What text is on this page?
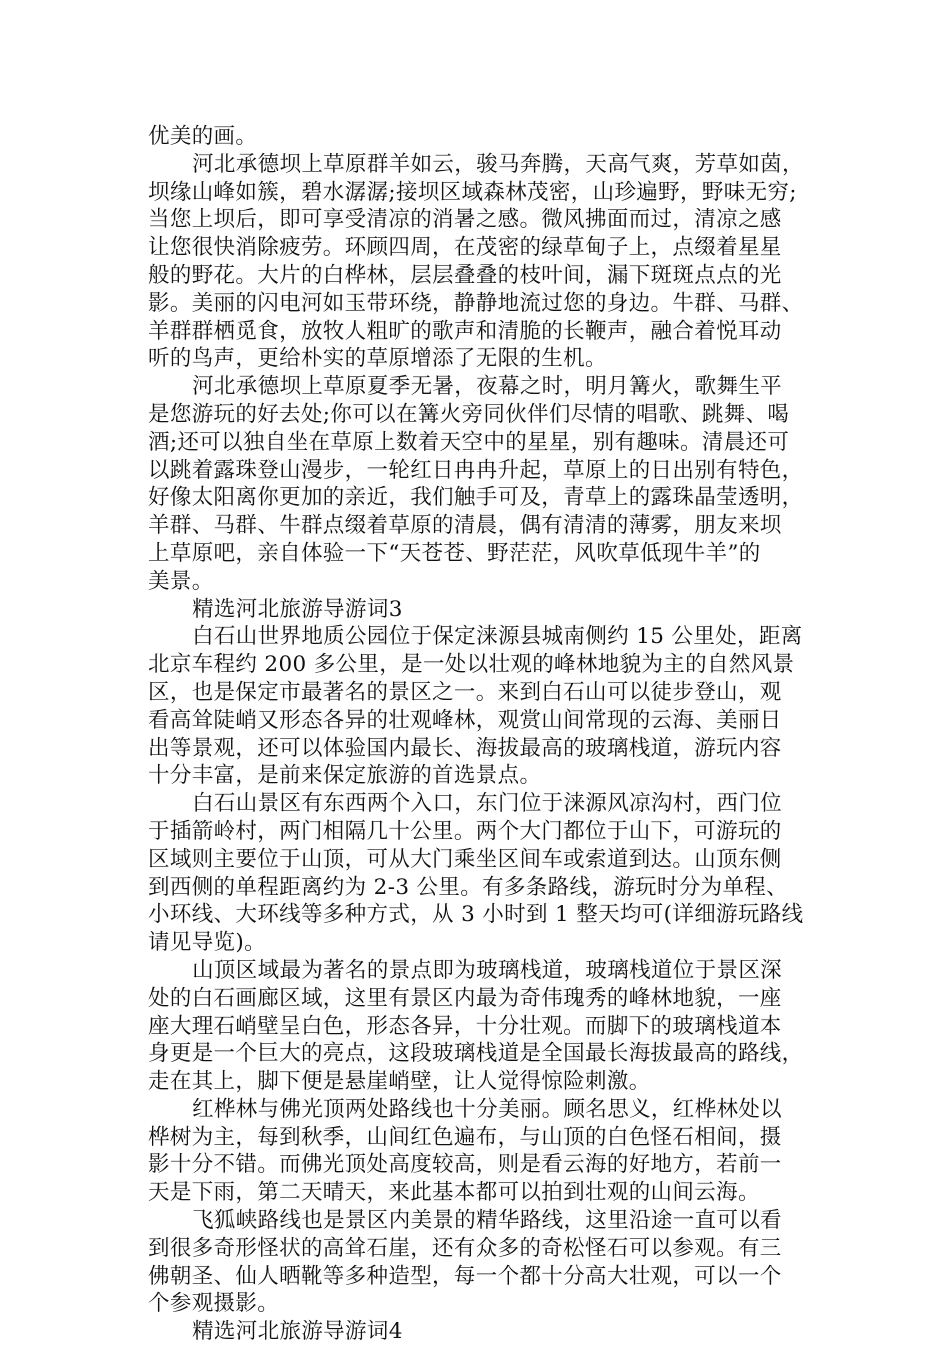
优美的画。

河北承德坝上草原群羊如云，骏马奔腾，天高气爽，芳草如茵，
坝缘山峰如簇，碧水潺潺;接坝区域森林茂密，山珍遍野，野味无穷;
当您上坝后，即可享受清凉的消暑之感。微风拂面而过，清凉之感
让您很快消除疲劳。环顾四周，在茂密的绿草甸子上，点缀着星星
般的野花。大片的白桦林，层层叠叠的枝叶间，漏下斑斑点点的光
影。美丽的闪电河如玉带环绕，静静地流过您的身边。牛群、马群、
羊群群栖觅食，放牧人粗旷的歌声和清脆的长鞭声，融合着悦耳动
听的鸟声，更给朴实的草原增添了无限的生机。

河北承德坝上草原夏季无暑，夜幕之时，明月篝火，歌舞生平
是您游玩的好去处;你可以在篝火旁同伙伴们尽情的唱歌、跳舞、喝
酒;还可以独自坐在草原上数着天空中的星星，别有趣味。清晨还可
以跳着露珠登山漫步，一轮红日冉冉升起，草原上的日出别有特色，
好像太阳离你更加的亲近，我们触手可及，青草上的露珠晶莹透明，
羊群、马群、牛群点缀着草原的清晨，偶有清清的薄雾，朋友来坝
上草原吧，亲自体验一下“天苍苍、野茫茫，风吹草低现牛羊”的
美景。

精选河北旅游导游词3

白石山世界地质公园位于保定涞源县城南侧约 15 公里处，距离
北京车程约 200 多公里，是一处以壮观的峰林地貌为主的自然风景
区，也是保定市最著名的景区之一。来到白石山可以徒步登山，观
看高耸陡峭又形态各异的壮观峰林，观赏山间常现的云海、美丽日
出等景观，还可以体验国内最长、海拔最高的玻璃栈道，游玩内容
十分丰富，是前来保定旅游的首选景点。

白石山景区有东西两个入口，东门位于涞源风凉沟村，西门位
于插箭岭村，两门相隔几十公里。两个大门都位于山下，可游玩的
区域则主要位于山顶，可从大门乘坐区间车或索道到达。山顶东侧
到西侧的单程距离约为 2-3 公里。有多条路线，游玩时分为单程、
小环线、大环线等多种方式，从 3 小时到 1 整天均可(详细游玩路线
请见导览)。

山顶区域最为著名的景点即为玻璃栈道，玻璃栈道位于景区深
处的白石画廊区域，这里有景区内最为奇伟瑰秀的峰林地貌，一座
座大理石峭壁呈白色，形态各异，十分壮观。而脚下的玻璃栈道本
身更是一个巨大的亮点，这段玻璃栈道是全国最长海拔最高的路线，
走在其上，脚下便是悬崖峭壁，让人觉得惊险刺激。

红桦林与佛光顶两处路线也十分美丽。顾名思义，红桦林处以
桦树为主，每到秋季，山间红色遍布，与山顶的白色怪石相间，摄
影十分不错。而佛光顶处高度较高，则是看云海的好地方，若前一
天是下雨，第二天晴天，来此基本都可以拍到壮观的山间云海。

飞狐峡路线也是景区内美景的精华路线，这里沿途一直可以看
到很多奇形怪状的高耸石崖，还有众多的奇松怪石可以参观。有三
佛朝圣、仙人晒靴等多种造型，每一个都十分高大壮观，可以一个
个参观摄影。

精选河北旅游导游词4
